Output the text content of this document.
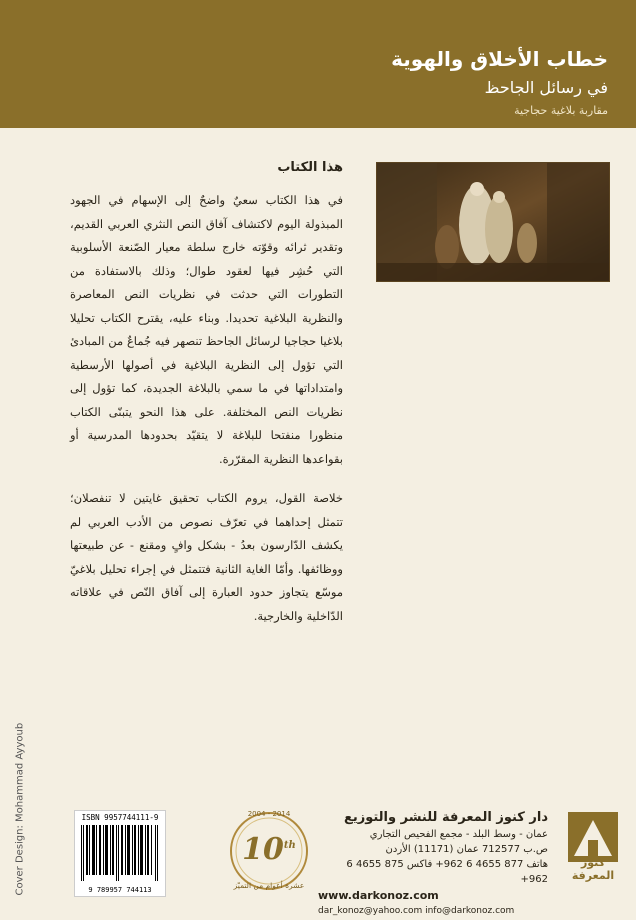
خطاب الأخلاق والهوية
في رسائل الجاحظ
مقاربة بلاغية حجاجية
هذا الكتاب

في هذا الكتاب سعيٌ واضحٌ إلى الإسهام في الجهود المبذولة اليوم لاكتشاف آفاق النص النثري العربي القديم، وتقدير ثرائه وقوّته خارج سلطة معيار الصّنعة الأسلوبية التي حُشِر فيها لعقود طوال؛ وذلك بالاستفادة من التطورات التي حدثت في نظريات النص المعاصرة والنظرية البلاغية تحديدا. وبناء عليه، يقترح الكتاب تحليلا بلاغيا حجاجيا لرسائل الجاحظ تنصهر فيه جُماعٌ من المبادئ التي تؤول إلى النظرية البلاغية في أصولها الأرسطية وامتداداتها في ما سمي بالبلاغة الجديدة، كما تؤول إلى نظريات النص المختلفة. على هذا النحو يتبنّى الكتاب منظورا منفتحا للبلاغة لا يتقيّد بحدودها المدرسية أو بقواعدها النظرية المقرّرة.

خلاصة القول، يروم الكتاب تحقيق غايتين لا تنفصلان؛ تتمثل إحداهما في تعرّف نصوص من الأدب العربي لم يكشف الدّارسون بعدُ - بشكل وافٍ ومقنع - عن طبيعتها ووظائفها. وأمّا الغاية الثانية فتتمثل في إجراء تحليل بلاغيّ موسّع يتجاوز حدود العبارة إلى آفاق النّص في علاقاته الدّاخلية والخارجية.

Cover Design: Mohammad Ayyoub	ISBN 9957744111-9
9 789957 744113
2004 - 2014
10th
عشرة أعوام من التميّز
دار كنوز المعرفة للنشر والتوزيع
عمان - وسط البلد - مجمع الفحيص التجاري
ص.ب 712577 عمان (11171) الأردن
هاتف 877 4655 6 962+ فاكس 875 4655 6 962+
www.darkonoz.com
dar_konoz@yahoo.com info@darkonoz.com
كنوز المعرفة
